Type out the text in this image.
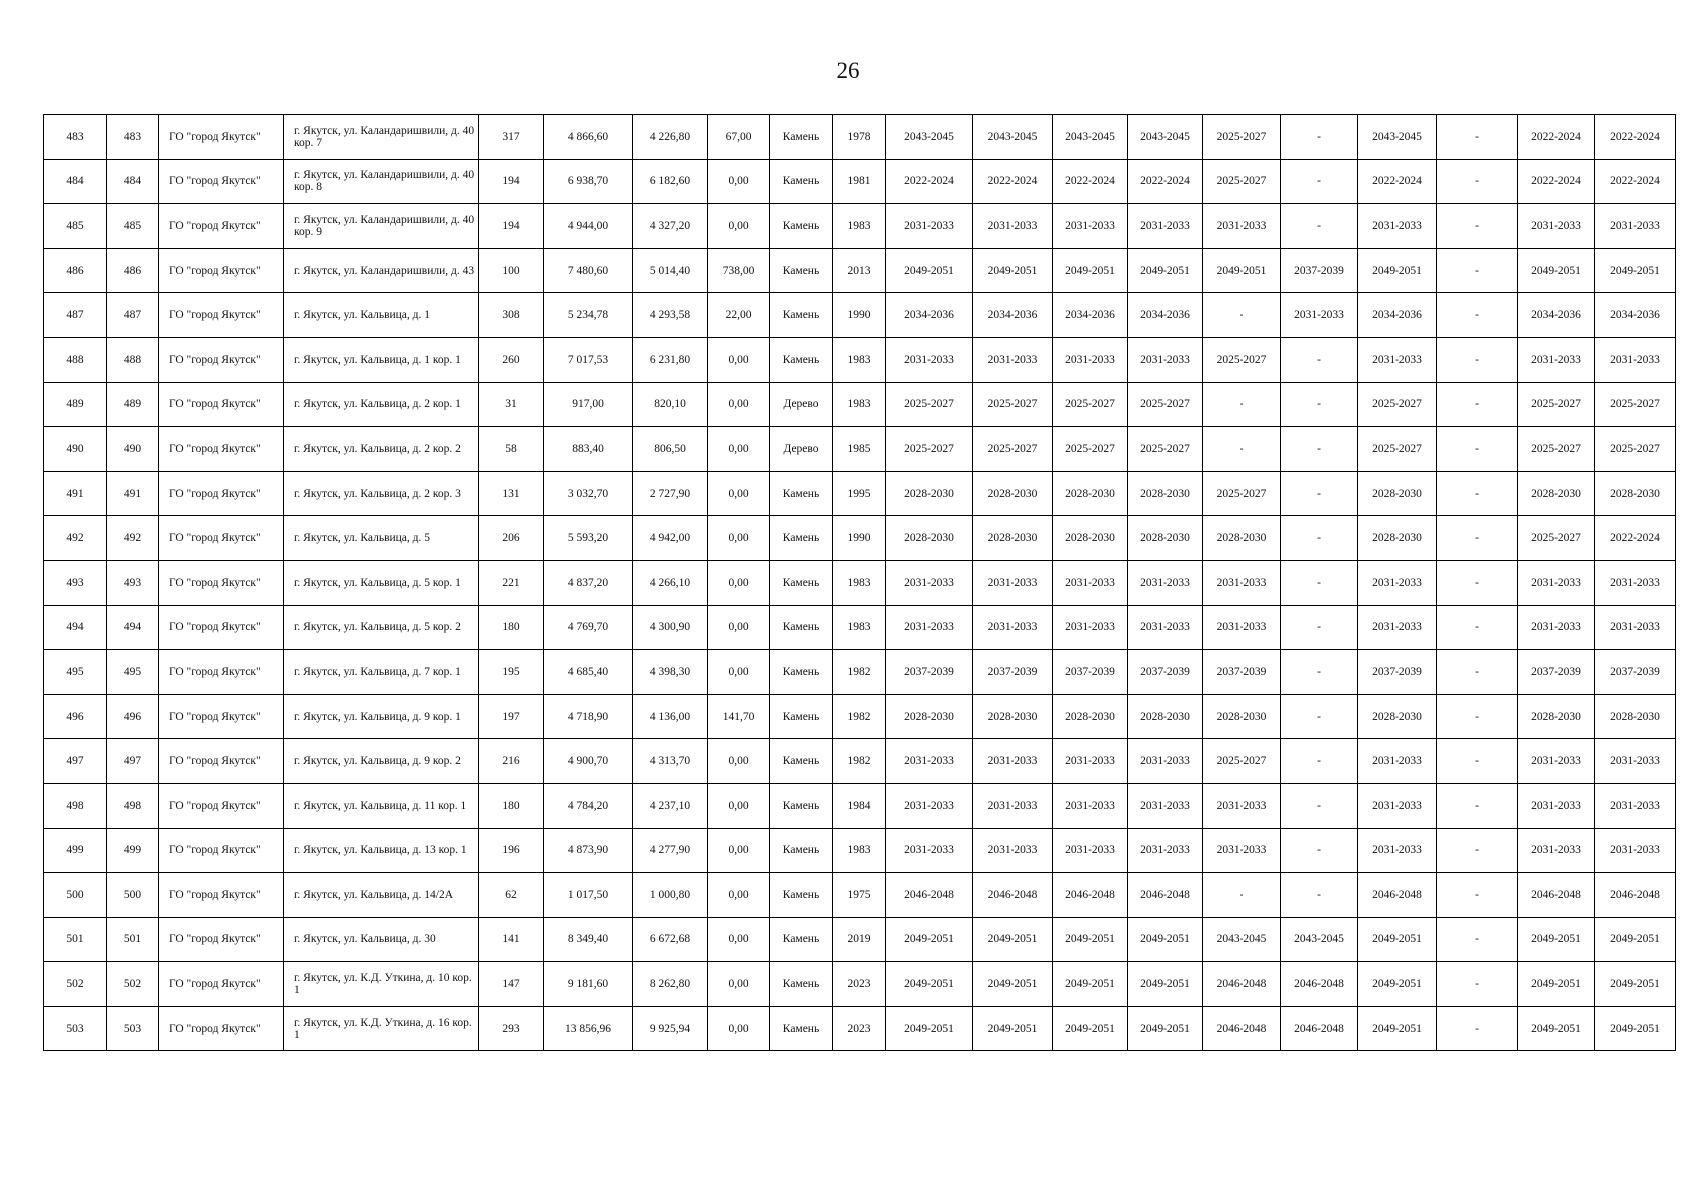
26
483	483	ГО "город Якутск"	г. Якутск, ул. Каландаришвили, д. 40 кор. 7	317	4 866,60	4 226,80	67,00	Камень	1978	2043-2045	2043-2045	2043-2045	2043-2045	2025-2027	-	2043-2045	-	2022-2024	2022-2024
484	484	ГО "город Якутск"	г. Якутск, ул. Каландаришвили, д. 40 кор. 8	194	6 938,70	6 182,60	0,00	Камень	1981	2022-2024	2022-2024	2022-2024	2022-2024	2025-2027	-	2022-2024	-	2022-2024	2022-2024
485	485	ГО "город Якутск"	г. Якутск, ул. Каландаришвили, д. 40 кор. 9	194	4 944,00	4 327,20	0,00	Камень	1983	2031-2033	2031-2033	2031-2033	2031-2033	2031-2033	-	2031-2033	-	2031-2033	2031-2033
486	486	ГО "город Якутск"	г. Якутск, ул. Каландаришвили, д. 43	100	7 480,60	5 014,40	738,00	Камень	2013	2049-2051	2049-2051	2049-2051	2049-2051	2049-2051	2037-2039	2049-2051	-	2049-2051	2049-2051
487	487	ГО "город Якутск"	г. Якутск, ул. Кальвица, д. 1	308	5 234,78	4 293,58	22,00	Камень	1990	2034-2036	2034-2036	2034-2036	2034-2036	-	2031-2033	2034-2036	-	2034-2036	2034-2036
488	488	ГО "город Якутск"	г. Якутск, ул. Кальвица, д. 1 кор. 1	260	7 017,53	6 231,80	0,00	Камень	1983	2031-2033	2031-2033	2031-2033	2031-2033	2025-2027	-	2031-2033	-	2031-2033	2031-2033
489	489	ГО "город Якутск"	г. Якутск, ул. Кальвица, д. 2 кор. 1	31	917,00	820,10	0,00	Дерево	1983	2025-2027	2025-2027	2025-2027	2025-2027	-	-	2025-2027	-	2025-2027	2025-2027
490	490	ГО "город Якутск"	г. Якутск, ул. Кальвица, д. 2 кор. 2	58	883,40	806,50	0,00	Дерево	1985	2025-2027	2025-2027	2025-2027	2025-2027	-	-	2025-2027	-	2025-2027	2025-2027
491	491	ГО "город Якутск"	г. Якутск, ул. Кальвица, д. 2 кор. 3	131	3 032,70	2 727,90	0,00	Камень	1995	2028-2030	2028-2030	2028-2030	2028-2030	2025-2027	-	2028-2030	-	2028-2030	2028-2030
492	492	ГО "город Якутск"	г. Якутск, ул. Кальвица, д. 5	206	5 593,20	4 942,00	0,00	Камень	1990	2028-2030	2028-2030	2028-2030	2028-2030	2028-2030	-	2028-2030	-	2025-2027	2022-2024
493	493	ГО "город Якутск"	г. Якутск, ул. Кальвица, д. 5 кор. 1	221	4 837,20	4 266,10	0,00	Камень	1983	2031-2033	2031-2033	2031-2033	2031-2033	2031-2033	-	2031-2033	-	2031-2033	2031-2033
494	494	ГО "город Якутск"	г. Якутск, ул. Кальвица, д. 5 кор. 2	180	4 769,70	4 300,90	0,00	Камень	1983	2031-2033	2031-2033	2031-2033	2031-2033	2031-2033	-	2031-2033	-	2031-2033	2031-2033
495	495	ГО "город Якутск"	г. Якутск, ул. Кальвица, д. 7 кор. 1	195	4 685,40	4 398,30	0,00	Камень	1982	2037-2039	2037-2039	2037-2039	2037-2039	2037-2039	-	2037-2039	-	2037-2039	2037-2039
496	496	ГО "город Якутск"	г. Якутск, ул. Кальвица, д. 9 кор. 1	197	4 718,90	4 136,00	141,70	Камень	1982	2028-2030	2028-2030	2028-2030	2028-2030	2028-2030	-	2028-2030	-	2028-2030	2028-2030
497	497	ГО "город Якутск"	г. Якутск, ул. Кальвица, д. 9 кор. 2	216	4 900,70	4 313,70	0,00	Камень	1982	2031-2033	2031-2033	2031-2033	2031-2033	2025-2027	-	2031-2033	-	2031-2033	2031-2033
498	498	ГО "город Якутск"	г. Якутск, ул. Кальвица, д. 11 кор. 1	180	4 784,20	4 237,10	0,00	Камень	1984	2031-2033	2031-2033	2031-2033	2031-2033	2031-2033	-	2031-2033	-	2031-2033	2031-2033
499	499	ГО "город Якутск"	г. Якутск, ул. Кальвица, д. 13 кор. 1	196	4 873,90	4 277,90	0,00	Камень	1983	2031-2033	2031-2033	2031-2033	2031-2033	2031-2033	-	2031-2033	-	2031-2033	2031-2033
500	500	ГО "город Якутск"	г. Якутск, ул. Кальвица, д. 14/2А	62	1 017,50	1 000,80	0,00	Камень	1975	2046-2048	2046-2048	2046-2048	2046-2048	-	-	2046-2048	-	2046-2048	2046-2048
501	501	ГО "город Якутск"	г. Якутск, ул. Кальвица, д. 30	141	8 349,40	6 672,68	0,00	Камень	2019	2049-2051	2049-2051	2049-2051	2049-2051	2043-2045	2043-2045	2049-2051	-	2049-2051	2049-2051
502	502	ГО "город Якутск"	г. Якутск, ул. К.Д. Уткина, д. 10 кор. 1	147	9 181,60	8 262,80	0,00	Камень	2023	2049-2051	2049-2051	2049-2051	2049-2051	2046-2048	2046-2048	2049-2051	-	2049-2051	2049-2051
503	503	ГО "город Якутск"	г. Якутск, ул. К.Д. Уткина, д. 16 кор. 1	293	13 856,96	9 925,94	0,00	Камень	2023	2049-2051	2049-2051	2049-2051	2049-2051	2046-2048	2046-2048	2049-2051	-	2049-2051	2049-2051
